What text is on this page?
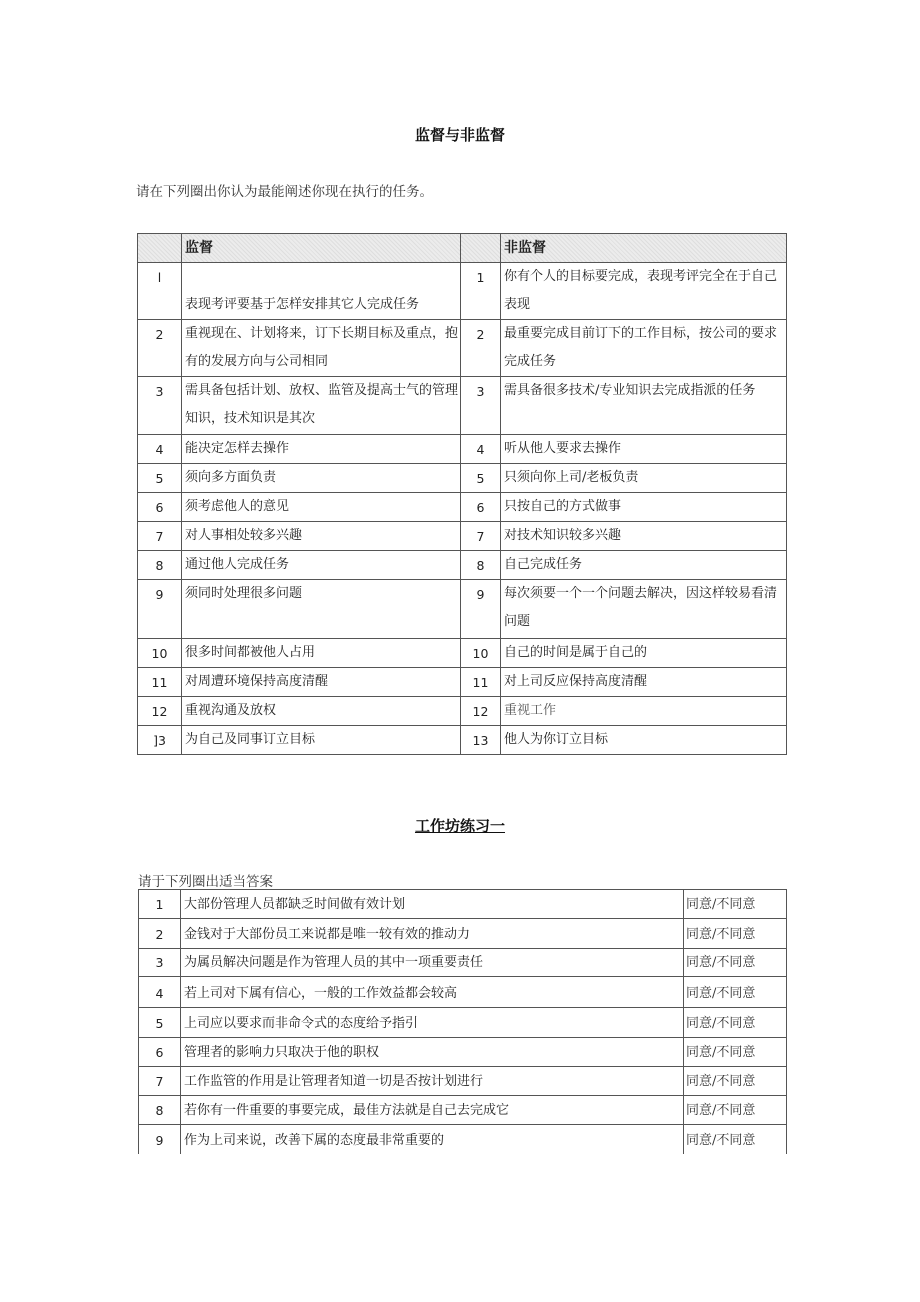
监督与非监督
请在下列圈出你认为最能阐述你现在执行的任务。
	监督		非监督
l	表现考评要基于怎样安排其它人完成任务	1	你有个人的目标要完成，表现考评完全在于自己表现
2	重视现在、计划将来，订下长期目标及重点，抱有的发展方向与公司相同	2	最重要完成目前订下的工作目标，按公司的要求完成任务
3	需具备包括计划、放权、监管及提高士气的管理知识，技术知识是其次	3	需具备很多技术/专业知识去完成指派的任务
4	能决定怎样去操作	4	听从他人要求去操作
5	须向多方面负责	5	只须向你上司/老板负责
6	须考虑他人的意见	6	只按自己的方式做事
7	对人事相处较多兴趣	7	对技术知识较多兴趣
8	通过他人完成任务	8	自己完成任务
9	须同时处理很多问题	9	每次须要一个一个问题去解决，因这样较易看清问题
10	很多时间都被他人占用	10	自己的时间是属于自己的
11	对周遭环境保持高度清醒	11	对上司反应保持高度清醒
12	重视沟通及放权	12	重视工作
]3	为自己及同事订立目标	13	他人为你订立目标
工作坊练习一
请于下列圈出适当答案
1	大部份管理人员都缺乏时间做有效计划	同意/不同意
2	金钱对于大部份员工来说都是唯一较有效的推动力	同意/不同意
3	为属员解决问题是作为管理人员的其中一项重要责任	同意/不同意
4	若上司对下属有信心，一般的工作效益都会较高	同意/不同意
5	上司应以要求而非命令式的态度给予指引	同意/不同意
6	管理者的影响力只取决于他的职权	同意/不同意
7	工作监管的作用是让管理者知道一切是否按计划进行	同意/不同意
8	若你有一件重要的事要完成，最佳方法就是自己去完成它	同意/不同意
9	作为上司来说，改善下属的态度最非常重要的	同意/不同意
